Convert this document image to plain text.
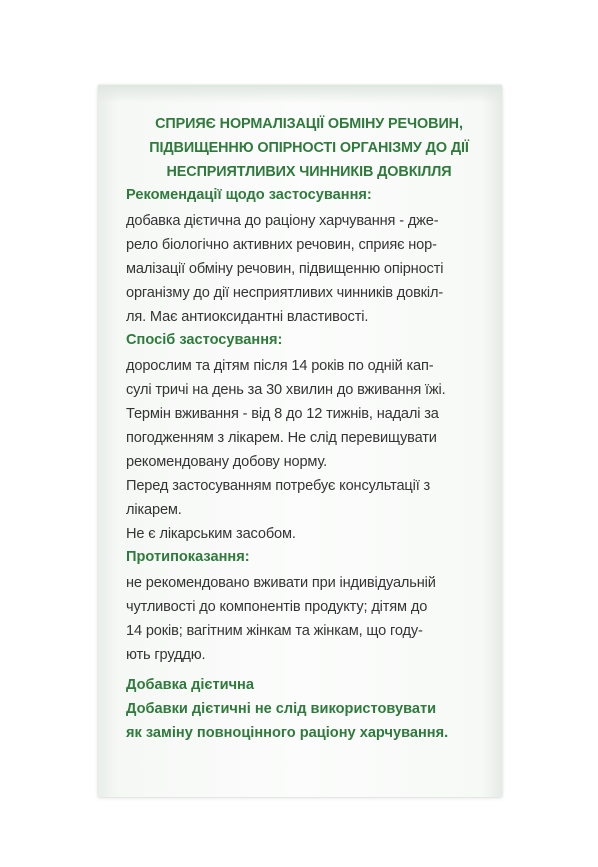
СПРИЯЄ НОРМАЛІЗАЦІЇ ОБМІНУ РЕЧОВИН,
ПІДВИЩЕННЮ ОПІРНОСТІ ОРГАНІЗМУ ДО ДІЇ
НЕСПРИЯТЛИВИХ ЧИННИКІВ ДОВКІЛЛЯ
Рекомендації щодо застосування:
добавка дієтична до раціону харчування - дже-
рело біологічно активних речовин, сприяє нор-
малізації обміну речовин, підвищенню опірності
організму до дії несприятливих чинників довкіл-
ля. Має антиоксидантні властивості.
Спосіб застосування:
дорослим та дітям після 14 років по одній кап-
сулі тричі на день за 30 хвилин до вживання їжі.
Термін вживання - від 8 до 12 тижнів, надалі за
погодженням з лікарем. Не слід перевищувати
рекомендовану добову норму.
Перед застосуванням потребує консультації з
лікарем.
Не є лікарським засобом.
Протипоказання:
не рекомендовано вживати при індивідуальній
чутливості до компонентів продукту; дітям до
14 років; вагітним жінкам та жінкам, що году-
ють груддю.
Добавка дієтична
Добавки дієтичні не слід використовувати
як заміну повноцінного раціону харчування.
